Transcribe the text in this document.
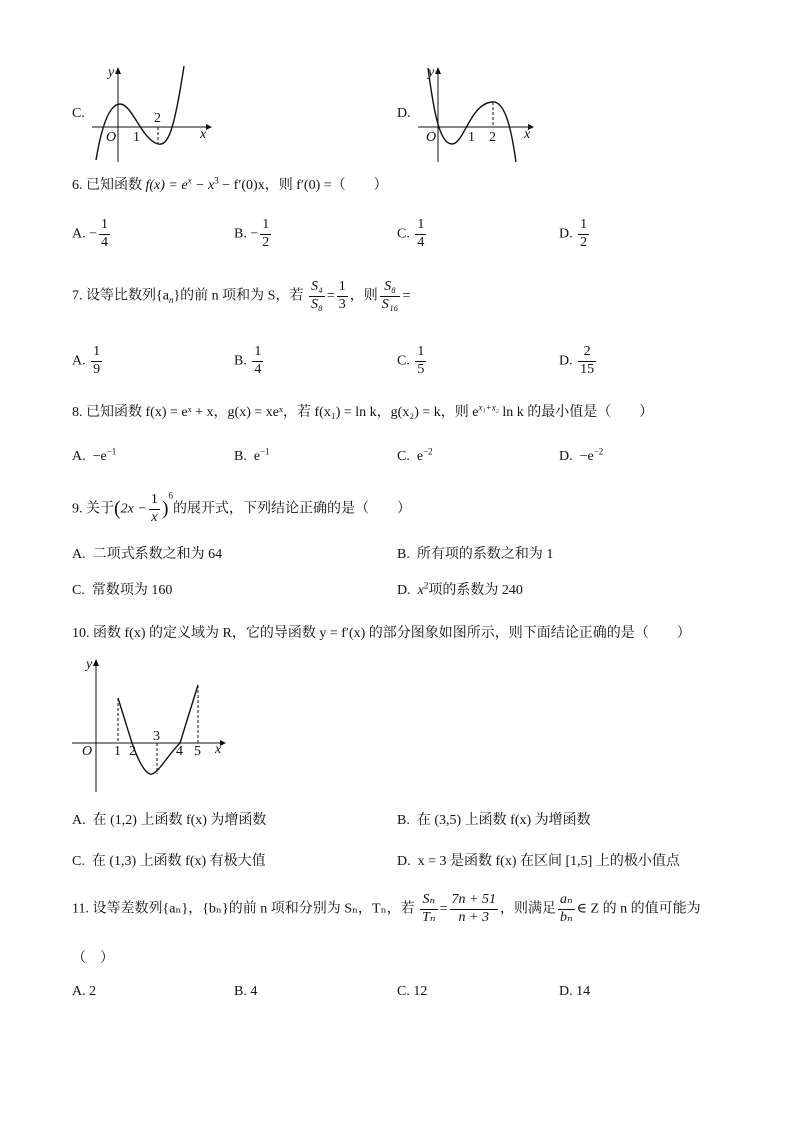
C.
y
x
O 1
2	D.
y
x
O 1 2
6. 已知函数 $f(x) = e^x - x^3 - f'(0)x$，则 f′(0) =（　　）
A. − $\frac{1}{4}$	B. − $\frac{1}{2}$	C. $\frac{1}{4}$	D. $\frac{1}{2}$
7. 设等比数列$\{a_n\}$的前 n 项和为 S，若 $\frac{\text{S₄}}{\text{S₈}} = \frac{1}{3}$ ，则 $\frac{\text{S₈}}{\text{S₁₆}}$ =
A. $\frac{1}{9}$	B. $\frac{1}{4}$	C. $\frac{1}{5}$	D. $\frac{2}{15}$
8. 已知函数 f(x) = eˣ + x，g(x) = xeˣ，若 f(x₁) = ln k，g(x₂) = k，则 $e^{x_1+x_2}$ ln k 的最小值是（　　）
A. $-e^{-1}$	B. $e^{-1}$	C. $e^{-2}$	D. $-e^{-2}$
9. 关于$(2x - \frac{1}{x} )^6$的展开式，下列结论正确的是（　　）
A. 二项式系数之和为 64	B. 所有项的系数之和为 1
C. 常数项为 160	D. $x^2$项的系数为 240
10. 函数 f(x) 的定义域为 R，它的导函数 y = f′(x) 的部分图象如图所示，则下面结论正确的是（　　）
y
x
O 1 2
3
4 5
A. 在 (1,2) 上函数 f(x) 为增函数	B. 在 (3,5) 上函数 f(x) 为增函数
C. 在 (1,3) 上函数 f(x) 有极大值	D. x = 3 是函数 f(x) 在区间 [1,5] 上的极小值点
11. 设等差数列{aₙ}，{bₙ}的前 n 项和分别为 Sₙ，Tₙ，若 $\frac{\text{Sₙ}}{\text{Tₙ}} = \frac{7n + 51}{n + 3}$ ，则满足 $\frac{\text{aₙ}}{\text{bₙ}}$ ∈ Z 的 n 的值可能为
（　）
A. 2	B. 4	C. 12	D. 14
